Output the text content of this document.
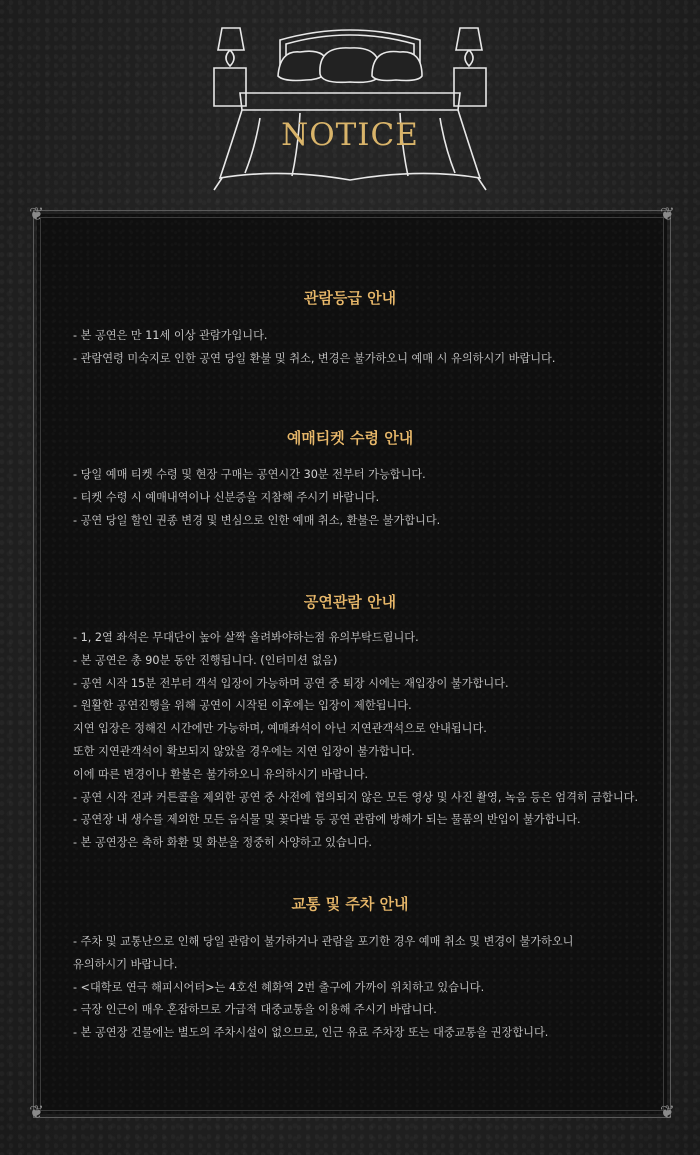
NOTICE
❦	❦
❦	❦
관람등급 안내
- 본 공연은 만 11세 이상 관람가입니다.
- 관람연령 미숙지로 인한 공연 당일 환불 및 취소, 변경은 불가하오니 예매 시 유의하시기 바랍니다.
예매티켓 수령 안내
- 당일 예매 티켓 수령 및 현장 구매는 공연시간 30분 전부터 가능합니다.
- 티켓 수령 시 예매내역이나 신분증을 지참해 주시기 바랍니다.
- 공연 당일 할인 권종 변경 및 변심으로 인한 예매 취소, 환불은 불가합니다.
공연관람 안내
- 1, 2열 좌석은 무대단이 높아 살짝 올려봐야하는점 유의부탁드립니다.
- 본 공연은 총 90분 동안 진행됩니다. (인터미션 없음)
- 공연 시작 15분 전부터 객석 입장이 가능하며 공연 중 퇴장 시에는 재입장이 불가합니다.
- 원활한 공연진행을 위해 공연이 시작된 이후에는 입장이 제한됩니다.
지연 입장은 정해진 시간에만 가능하며, 예매좌석이 아닌 지연관객석으로 안내됩니다.
또한 지연관객석이 확보되지 않았을 경우에는 지연 입장이 불가합니다.
이에 따른 변경이나 환불은 불가하오니 유의하시기 바랍니다.
- 공연 시작 전과 커튼콜을 제외한 공연 중 사전에 협의되지 않은 모든 영상 및 사진 촬영, 녹음 등은 엄격히 금합니다.
- 공연장 내 생수를 제외한 모든 음식물 및 꽃다발 등 공연 관람에 방해가 되는 물품의 반입이 불가합니다.
- 본 공연장은 축하 화환 및 화분을 정중히 사양하고 있습니다.
교통 및 주차 안내
- 주차 및 교통난으로 인해 당일 관람이 불가하거나 관람을 포기한 경우 예매 취소 및 변경이 불가하오니
유의하시기 바랍니다.
- <대학로 연극 해피시어터>는 4호선 혜화역 2번 출구에 가까이 위치하고 있습니다.
- 극장 인근이 매우 혼잡하므로 가급적 대중교통을 이용해 주시기 바랍니다.
- 본 공연장 건물에는 별도의 주차시설이 없으므로, 인근 유료 주차장 또는 대중교통을 권장합니다.
